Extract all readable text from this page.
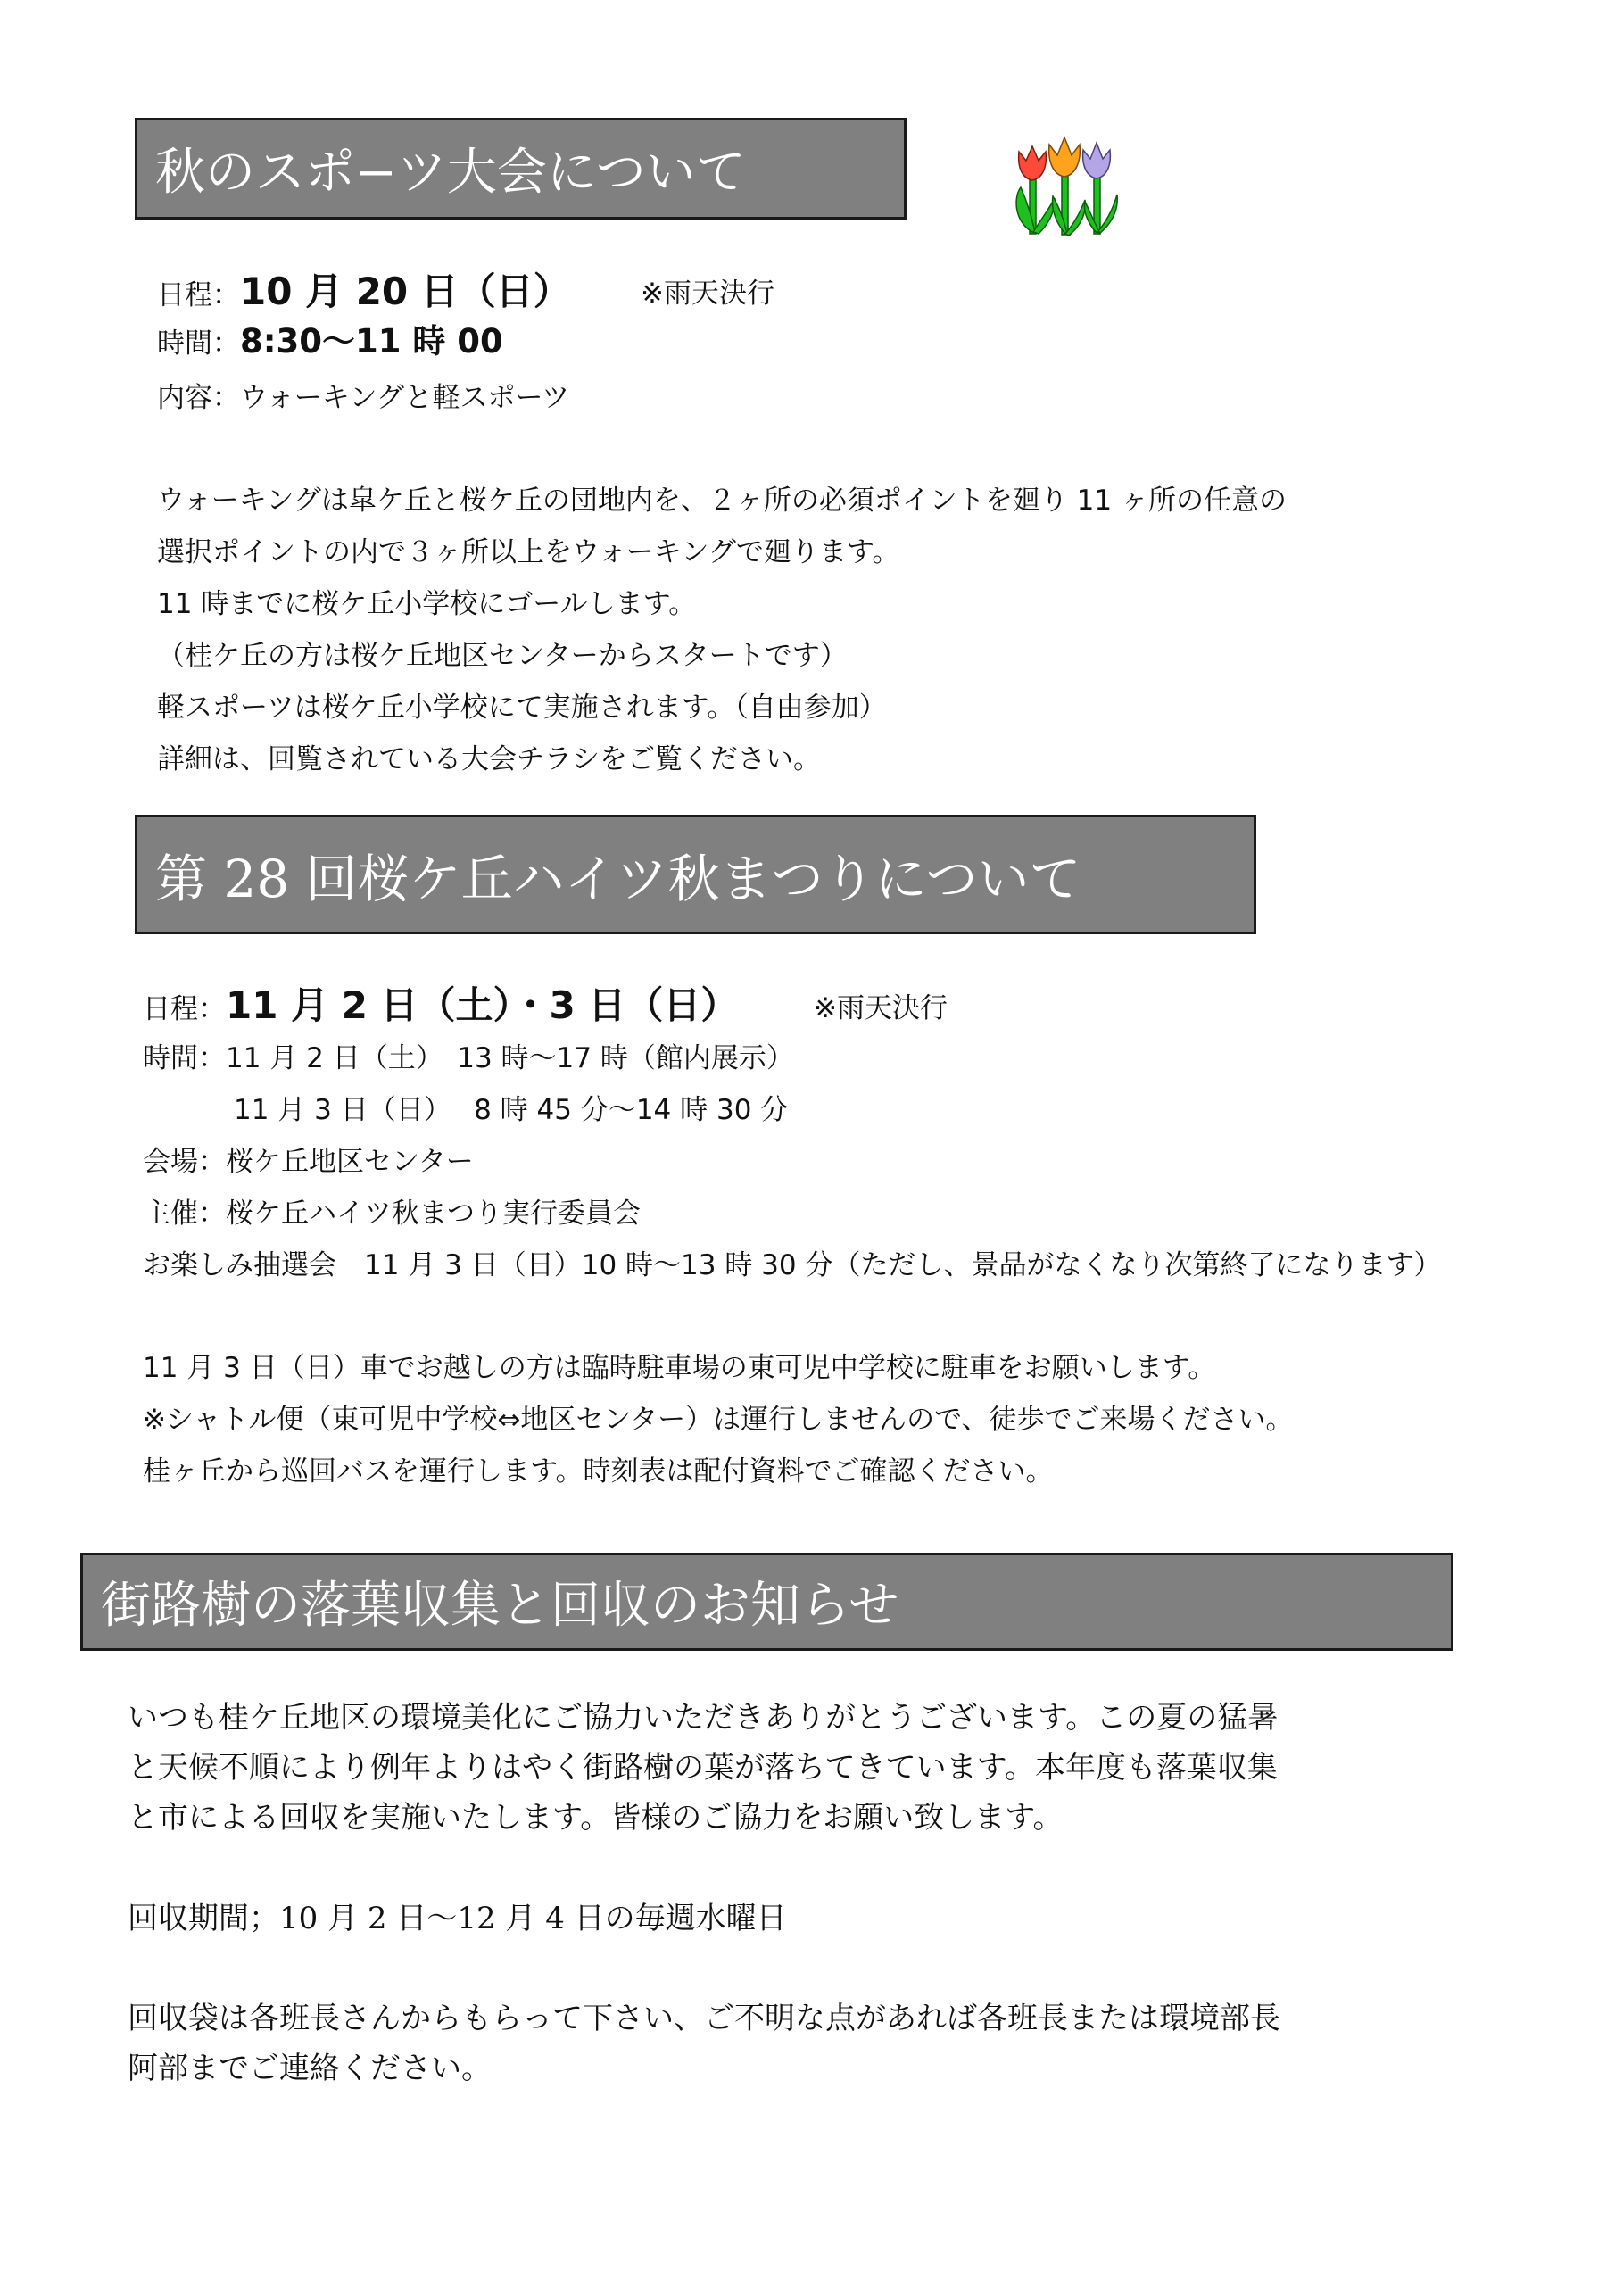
秋のスポ−ツ大会について
日程：10 月 20 日（日）	※雨天決行
時間：8:30〜11 時 00
内容：ウォーキングと軽スポーツ
ウォーキングは皐ケ丘と桜ケ丘の団地内を、２ヶ所の必須ポイントを廻り 11 ヶ所の任意の
選択ポイントの内で３ヶ所以上をウォーキングで廻ります。
11 時までに桜ケ丘小学校にゴールします。
（桂ケ丘の方は桜ケ丘地区センターからスタートです）
軽スポーツは桜ケ丘小学校にて実施されます。（自由参加）
詳細は、回覧されている大会チラシをご覧ください。
第 28 回桜ケ丘ハイツ秋まつりについて
日程：11 月 2 日（土）・3 日（日）	※雨天決行
時間：11 月 2 日（土）　13 時〜17 時（館内展示）
11 月 3 日（日）　 8 時 45 分〜14 時 30 分
会場：桜ケ丘地区センター
主催：桜ケ丘ハイツ秋まつり実行委員会
お楽しみ抽選会　11 月 3 日（日）10 時〜13 時 30 分（ただし、景品がなくなり次第終了になります）
11 月 3 日（日）車でお越しの方は臨時駐車場の東可児中学校に駐車をお願いします。
※シャトル便（東可児中学校⇔地区センター）は運行しませんので、徒歩でご来場ください。
桂ヶ丘から巡回バスを運行します。時刻表は配付資料でご確認ください。
街路樹の落葉収集と回収のお知らせ
いつも桂ケ丘地区の環境美化にご協力いただきありがとうございます。この夏の猛暑
と天候不順により例年よりはやく街路樹の葉が落ちてきています。本年度も落葉収集
と市による回収を実施いたします。皆様のご協力をお願い致します。
回収期間；10 月 2 日〜12 月 4 日の毎週水曜日
回収袋は各班長さんからもらって下さい、ご不明な点があれば各班長または環境部長
阿部までご連絡ください。
